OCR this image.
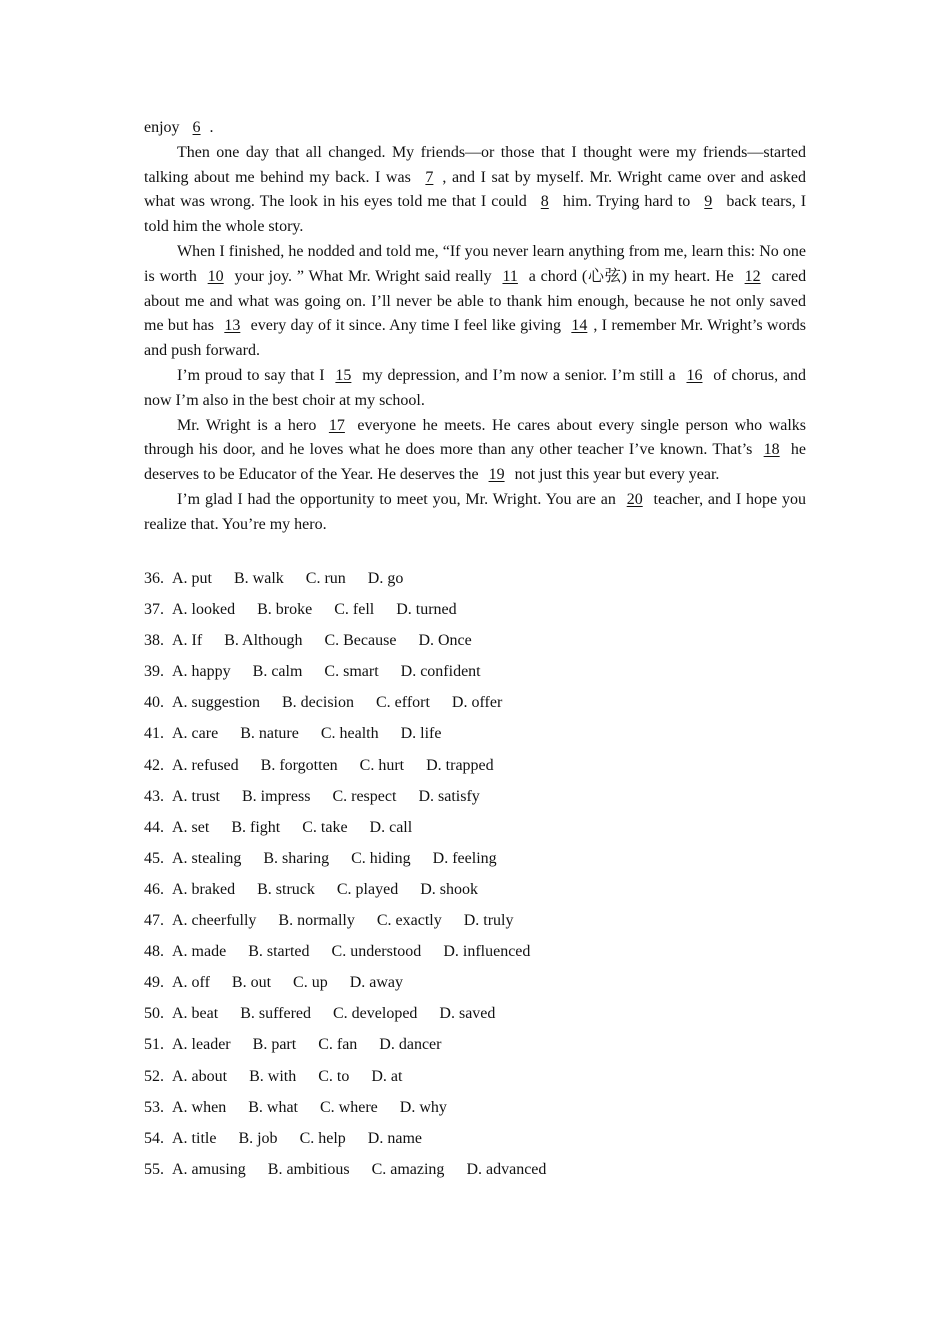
enjoy 6 .

Then one day that all changed. My friends—or those that I thought were my friends—started talking about me behind my back. I was 7 , and I sat by myself. Mr. Wright came over and asked what was wrong. The look in his eyes told me that I could 8 him. Trying hard to 9 back tears, I told him the whole story.

When I finished, he nodded and told me, “If you never learn anything from me, learn this: No one is worth 10 your joy. ” What Mr. Wright said really 11 a chord (心弦) in my heart. He 12 cared about me and what was going on. I’ll never be able to thank him enough, because he not only saved me but has 13 every day of it since. Any time I feel like giving 14 , I remember Mr. Wright’s words and push forward.

I’m proud to say that I 15 my depression, and I’m now a senior. I’m still a 16 of chorus, and now I’m also in the best choir at my school.

Mr. Wright is a hero 17 everyone he meets. He cares about every single person who walks through his door, and he loves what he does more than any other teacher I’ve known. That’s 18 he deserves to be Educator of the Year. He deserves the 19 not just this year but every year.

I’m glad I had the opportunity to meet you, Mr. Wright. You are an 20 teacher, and I hope you realize that. You’re my hero.

36. A. put B. walk C. run D. go
37. A. looked B. broke C. fell D. turned
38. A. If B. Although C. Because D. Once
39. A. happy B. calm C. smart D. confident
40. A. suggestion B. decision C. effort D. offer
41. A. care B. nature C. health D. life
42. A. refused B. forgotten C. hurt D. trapped
43. A. trust B. impress C. respect D. satisfy
44. A. set B. fight C. take D. call
45. A. stealing B. sharing C. hiding D. feeling
46. A. braked B. struck C. played D. shook
47. A. cheerfully B. normally C. exactly D. truly
48. A. made B. started C. understood D. influenced
49. A. off B. out C. up D. away
50. A. beat B. suffered C. developed D. saved
51. A. leader B. part C. fan D. dancer
52. A. about B. with C. to D. at
53. A. when B. what C. where D. why
54. A. title B. job C. help D. name
55. A. amusing B. ambitious C. amazing D. advanced
